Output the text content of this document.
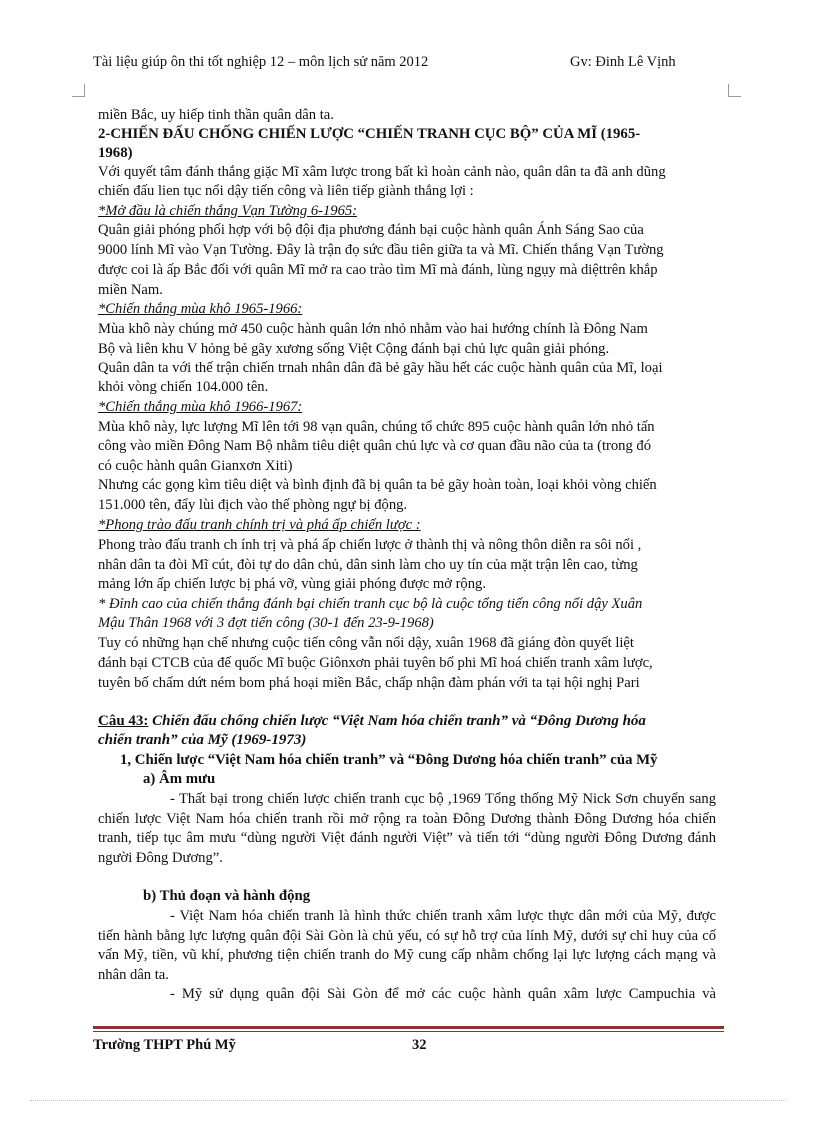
Tài liệu giúp ôn thi tốt nghiệp 12 – môn lịch sử năm 2012	Gv: Đinh Lê Vịnh
miền Bắc, uy hiếp tinh thần quân dân ta.
2-CHIẾN ĐẤU CHỐNG CHIẾN LƯỢC “CHIẾN TRANH CỤC BỘ” CỦA MĨ (1965-
1968)
Với quyết tâm đánh thắng giặc Mĩ xâm lược trong bất kì hoàn cảnh nào, quân dân ta đã anh dũng
chiến đấu lien tục nổi dậy tiến công và liên tiếp giành thắng lợi :
*Mở đầu là chiến thắng Vạn Tường 6-1965:
Quân giải phóng phối hợp với bộ đội địa phương đánh bại cuộc hành quân Ánh Sáng Sao của
9000 lính Mĩ vào Vạn Tường. Đây là trận đọ sức đầu tiên giữa ta và Mĩ. Chiến thắng Vạn Tường
được coi là ấp Bắc đối với quân Mĩ mở ra cao trào tìm Mĩ mà đánh, lùng ngụy mà diệttrên khắp
miền Nam.
*Chiến thắng mùa khô 1965-1966:
Mùa khô này chúng mở 450 cuộc hành quân lớn nhỏ nhằm vào hai hướng chính là Đông Nam
Bộ và liên khu V hỏng bẻ gãy xương sống Việt Cộng đánh bại chủ lực quân giải phóng.
Quân dân ta với thế trận chiến trnah nhân dân đã bẻ gãy hầu hết các cuộc hành quân của Mĩ, loại
khỏi vòng chiến 104.000 tên.
*Chiến thắng mùa khô 1966-1967:
Mùa khô này, lực lượng Mĩ lên tới 98 vạn quân, chúng tổ chức 895 cuộc hành quân lớn nhỏ tấn
công vào miền Đông Nam Bộ nhằm tiêu diệt quân chủ lực và cơ quan đầu não của ta (trong đó
có cuộc hành quân Gianxơn Xiti)
Nhưng các gọng kìm tiêu diệt và bình định đã bị quân ta bẻ gãy hoàn toàn, loại khỏi vòng chiến
151.000 tên, đẩy lùi địch vào thế phòng ngự bị động.
*Phong trào đấu tranh chính trị và phá ấp chiến lược :
Phong trào đấu tranh ch ính trị và phá ấp chiến lược ở thành thị và nông thôn diễn ra sôi nổi ,
nhân dân ta đòi Mĩ cút, đòi tự do dân chủ, dân sinh làm cho uy tín của mặt trận lên cao, từng
mảng lớn ấp chiến lược bị phá vỡ, vùng giải phóng được mở rộng.
* Đỉnh cao của chiến thắng đánh bại chiến tranh cục bộ là cuộc tổng tiến công nổi dậy Xuân
Mậu Thân 1968 với 3 đợt tiến công (30-1 đến 23-9-1968)
Tuy có những hạn chế nhưng cuộc tiến công vẫn nổi dậy, xuân 1968 đã giáng đòn quyết liệt
đánh bại CTCB của đế quốc Mĩ buộc Giônxơn phải tuyên bố phi Mĩ hoá chiến tranh xâm lược,
tuyên bố chấm dứt ném bom phá hoại miền Bắc, chấp nhận đàm phán với ta tại hội nghị Pari
Câu 43: Chiến đấu chống chiến lược “Việt Nam hóa chiến tranh” và “Đông Dương hóa
chiến tranh” của Mỹ (1969-1973)
1, Chiến lược “Việt Nam hóa chiến tranh” và “Đông Dương hóa chiến tranh” của Mỹ
a) Âm mưu
- Thất bại trong chiến lược chiến tranh cục bộ ,1969 Tổng thống Mỹ Nick Sơn chuyển sang chiến lược Việt Nam hóa chiến tranh rồi mở rộng ra toàn Đông Dương thành Đông Dương hóa chiến tranh, tiếp tục âm mưu “dùng người Việt đánh người Việt” và tiến tới “dùng người Đông Dương đánh người Đông Dương”.
b) Thủ đoạn và hành động
- Việt Nam hóa chiến tranh là hình thức chiến tranh xâm lược thực dân mới của Mỹ, được tiến hành bằng lực lượng quân đội Sài Gòn là chủ yếu, có sự hỗ trợ của lính Mỹ, dưới sự chỉ huy của cố vấn Mỹ, tiền, vũ khí, phương tiện chiến tranh do Mỹ cung cấp nhằm chống lại lực lượng cách mạng và nhân dân ta.
- Mỹ sử dụng quân đội Sài Gòn để mở các cuộc hành quân xâm lược Campuchia và
Trường THPT Phú Mỹ	32
